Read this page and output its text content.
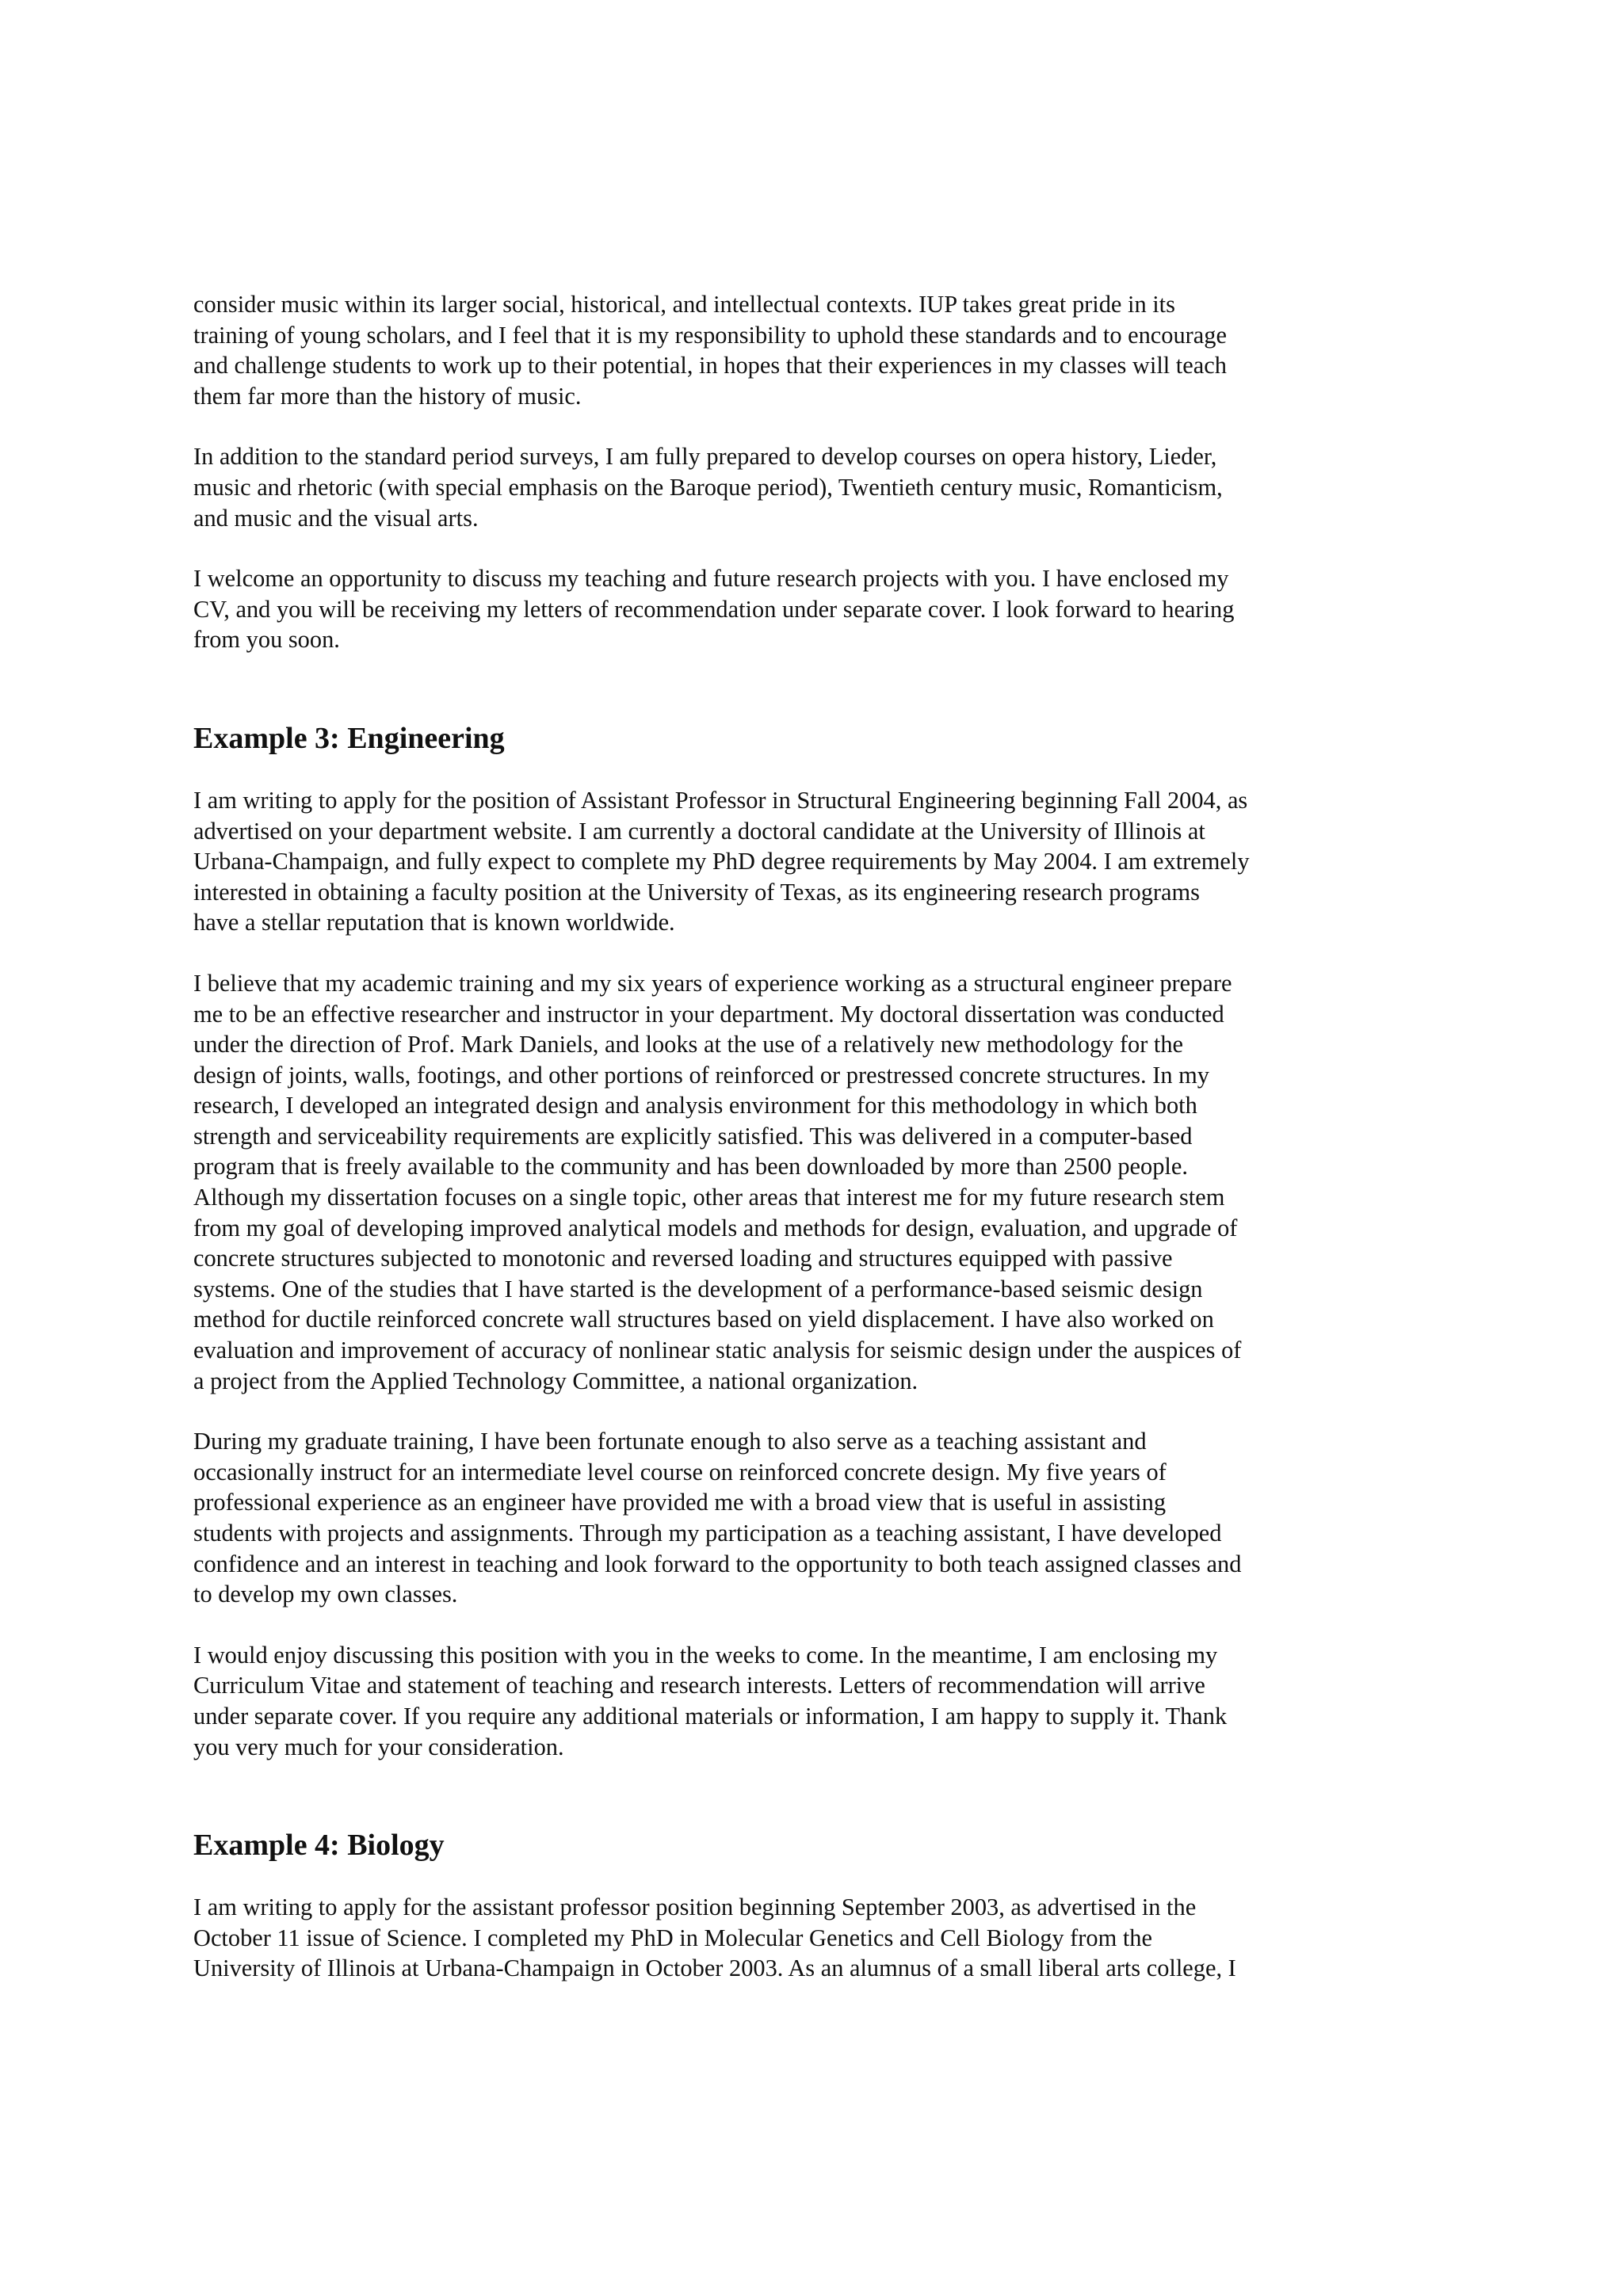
consider music within its larger social, historical, and intellectual contexts. IUP takes great pride in its
training of young scholars, and I feel that it is my responsibility to uphold these standards and to encourage
and challenge students to work up to their potential, in hopes that their experiences in my classes will teach
them far more than the history of music.

In addition to the standard period surveys, I am fully prepared to develop courses on opera history, Lieder,
music and rhetoric (with special emphasis on the Baroque period), Twentieth century music, Romanticism,
and music and the visual arts.

I welcome an opportunity to discuss my teaching and future research projects with you. I have enclosed my
CV, and you will be receiving my letters of recommendation under separate cover. I look forward to hearing
from you soon.

Example 3: Engineering

I am writing to apply for the position of Assistant Professor in Structural Engineering beginning Fall 2004, as
advertised on your department website. I am currently a doctoral candidate at the University of Illinois at
Urbana-Champaign, and fully expect to complete my PhD degree requirements by May 2004. I am extremely
interested in obtaining a faculty position at the University of Texas, as its engineering research programs
have a stellar reputation that is known worldwide.

I believe that my academic training and my six years of experience working as a structural engineer prepare
me to be an effective researcher and instructor in your department. My doctoral dissertation was conducted
under the direction of Prof. Mark Daniels, and looks at the use of a relatively new methodology for the
design of joints, walls, footings, and other portions of reinforced or prestressed concrete structures. In my
research, I developed an integrated design and analysis environment for this methodology in which both
strength and serviceability requirements are explicitly satisfied. This was delivered in a computer-based
program that is freely available to the community and has been downloaded by more than 2500 people.
Although my dissertation focuses on a single topic, other areas that interest me for my future research stem
from my goal of developing improved analytical models and methods for design, evaluation, and upgrade of
concrete structures subjected to monotonic and reversed loading and structures equipped with passive
systems. One of the studies that I have started is the development of a performance-based seismic design
method for ductile reinforced concrete wall structures based on yield displacement. I have also worked on
evaluation and improvement of accuracy of nonlinear static analysis for seismic design under the auspices of
a project from the Applied Technology Committee, a national organization.

During my graduate training, I have been fortunate enough to also serve as a teaching assistant and
occasionally instruct for an intermediate level course on reinforced concrete design. My five years of
professional experience as an engineer have provided me with a broad view that is useful in assisting
students with projects and assignments. Through my participation as a teaching assistant, I have developed
confidence and an interest in teaching and look forward to the opportunity to both teach assigned classes and
to develop my own classes.

I would enjoy discussing this position with you in the weeks to come. In the meantime, I am enclosing my
Curriculum Vitae and statement of teaching and research interests. Letters of recommendation will arrive
under separate cover. If you require any additional materials or information, I am happy to supply it. Thank
you very much for your consideration.

Example 4: Biology

I am writing to apply for the assistant professor position beginning September 2003, as advertised in the
October 11 issue of Science. I completed my PhD in Molecular Genetics and Cell Biology from the
University of Illinois at Urbana-Champaign in October 2003. As an alumnus of a small liberal arts college, I
